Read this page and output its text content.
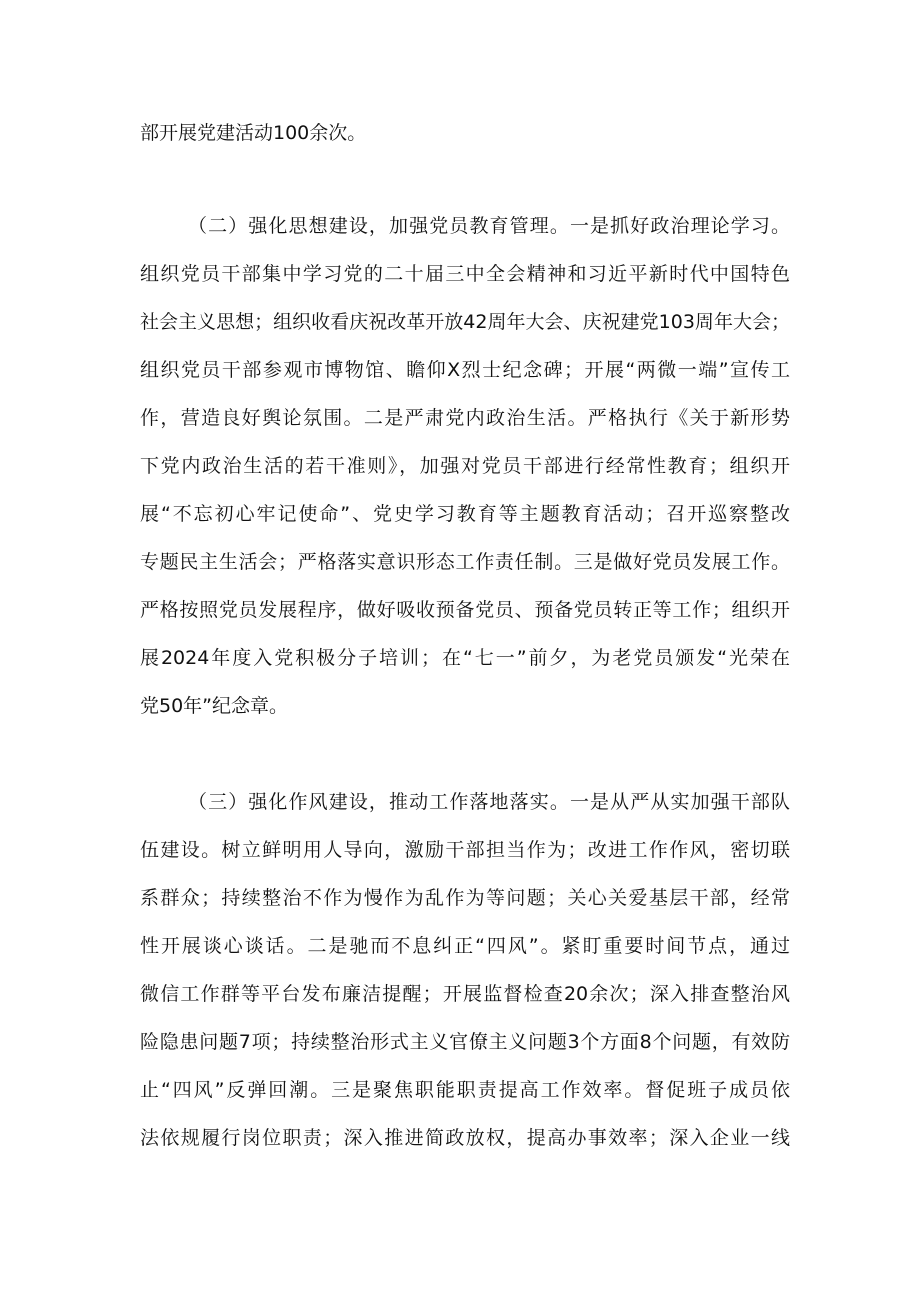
部开展党建活动100余次。
（二）强化思想建设，加强党员教育管理。一是抓好政治理论学习。
组织党员干部集中学习党的二十届三中全会精神和习近平新时代中国特色
社会主义思想；组织收看庆祝改革开放42周年大会、庆祝建党103周年大会；
组织党员干部参观市博物馆、瞻仰X烈士纪念碑；开展“两微一端”宣传工
作，营造良好舆论氛围。二是严肃党内政治生活。严格执行《关于新形势
下党内政治生活的若干准则》，加强对党员干部进行经常性教育；组织开
展“不忘初心牢记使命”、党史学习教育等主题教育活动；召开巡察整改
专题民主生活会；严格落实意识形态工作责任制。三是做好党员发展工作。
严格按照党员发展程序，做好吸收预备党员、预备党员转正等工作；组织开
展2024年度入党积极分子培训；在“七一”前夕，为老党员颁发“光荣在
党50年”纪念章。
（三）强化作风建设，推动工作落地落实。一是从严从实加强干部队
伍建设。树立鲜明用人导向，激励干部担当作为；改进工作作风，密切联
系群众；持续整治不作为慢作为乱作为等问题；关心关爱基层干部，经常
性开展谈心谈话。二是驰而不息纠正“四风”。紧盯重要时间节点，通过
微信工作群等平台发布廉洁提醒；开展监督检查20余次；深入排查整治风
险隐患问题7项；持续整治形式主义官僚主义问题3个方面8个问题，有效防
止“四风”反弹回潮。三是聚焦职能职责提高工作效率。督促班子成员依
法依规履行岗位职责；深入推进简政放权，提高办事效率；深入企业一线
